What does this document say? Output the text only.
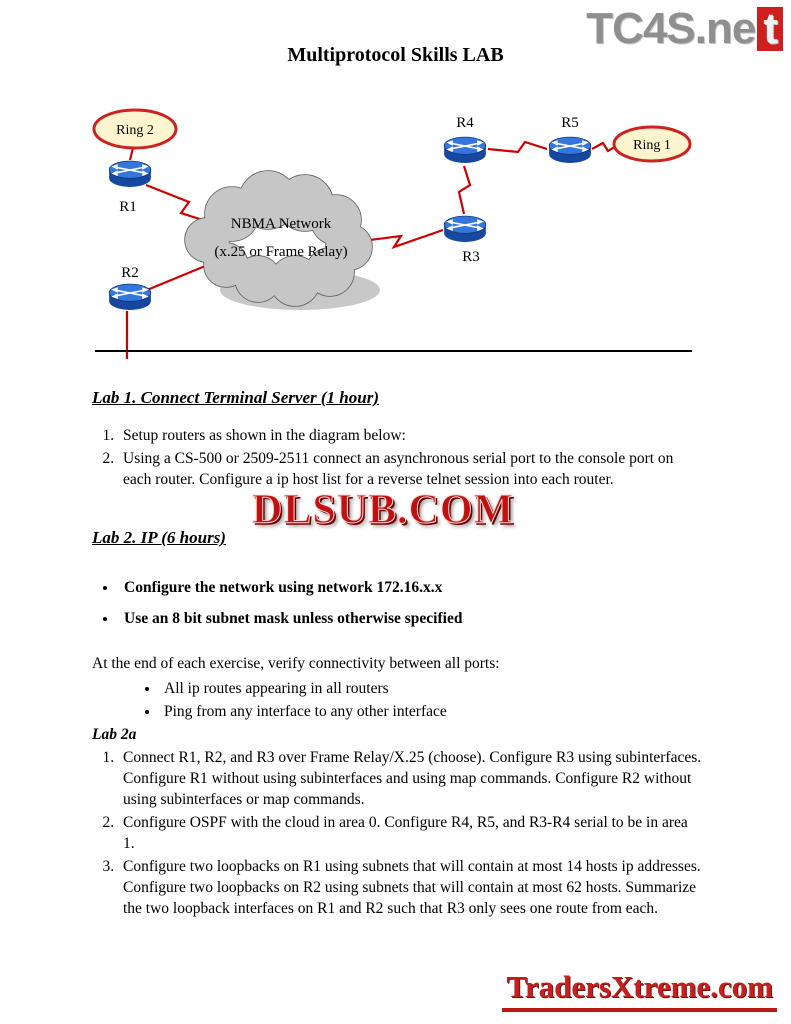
TC4S.ne t
Multiprotocol Skills LAB
NBMA Network
(x.25 or Frame Relay)
Ring 2
Ring 1
R1
R2
R3
R4	R5
DLSUB.COM
Lab 1. Connect Terminal Server (1 hour)
1. Setup routers as shown in the diagram below:
2. Using a CS-500 or 2509-2511 connect an asynchronous serial port to the console port on each router. Configure a ip host list for a reverse telnet session into each router.
Lab 2. IP (6 hours)
• Configure the network using network 172.16.x.x
• Use an 8 bit subnet mask unless otherwise specified

At the end of each exercise, verify connectivity between all ports:

• All ip routes appearing in all routers
• Ping from any interface to any other interface
Lab 2a
1. Connect R1, R2, and R3 over Frame Relay/X.25 (choose). Configure R3 using subinterfaces. Configure R1 without using subinterfaces and using map commands. Configure R2 without using subinterfaces or map commands.
2. Configure OSPF with the cloud in area 0. Configure R4, R5, and R3-R4 serial to be in area 1.
3. Configure two loopbacks on R1 using subnets that will contain at most 14 hosts ip addresses. Configure two loopbacks on R2 using subnets that will contain at most 62 hosts. Summarize the two loopback interfaces on R1 and R2 such that R3 only sees one route from each.
TradersXtreme.com
